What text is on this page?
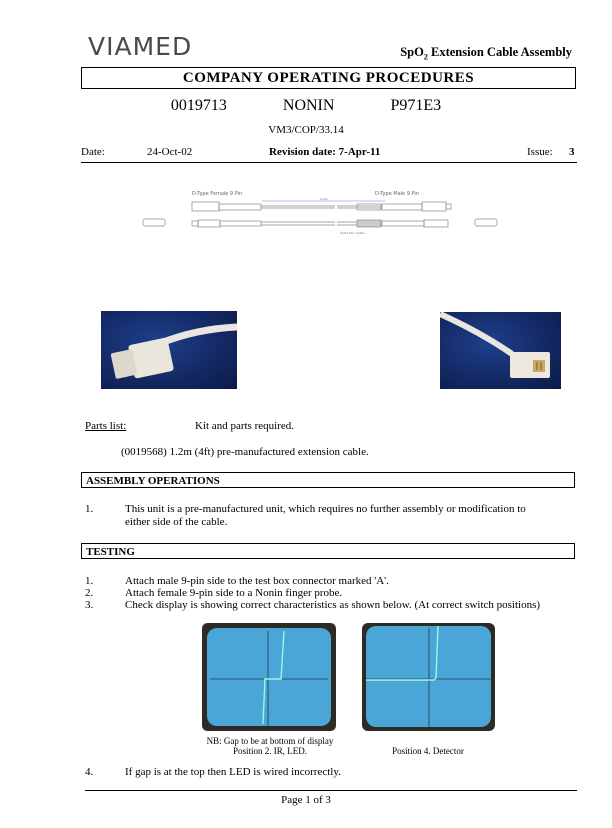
VIAMED	SpO$_2$ Extension Cable Assembly
COMPANY OPERATING PROCEDURES
0019713    NONIN    P971E3
VM3/COP/33.14
Date:	24-Oct-02	Revision date: 7-Apr-11	Issue: 3
D-Type Female 9 Pin	D-Type Male 9 Pin
1.2m
SpO2 Ext. Cable
Parts list:	Kit and parts required.
(0019568) 1.2m (4ft) pre-manufactured extension cable.
ASSEMBLY OPERATIONS
1.	This unit is a pre-manufactured unit, which requires no further assembly or modification to
either side of the cable.
TESTING
1.	Attach male 9-pin side to the test box connector marked 'A'.
2.	Attach female 9-pin side to a Nonin finger probe.
3.	Check display is showing correct characteristics as shown below. (At correct switch positions)
NB: Gap to be at bottom of display
Position 2. IR, LED.	Position 4. Detector
4.	If gap is at the top then LED is wired incorrectly.
Page 1 of 3
